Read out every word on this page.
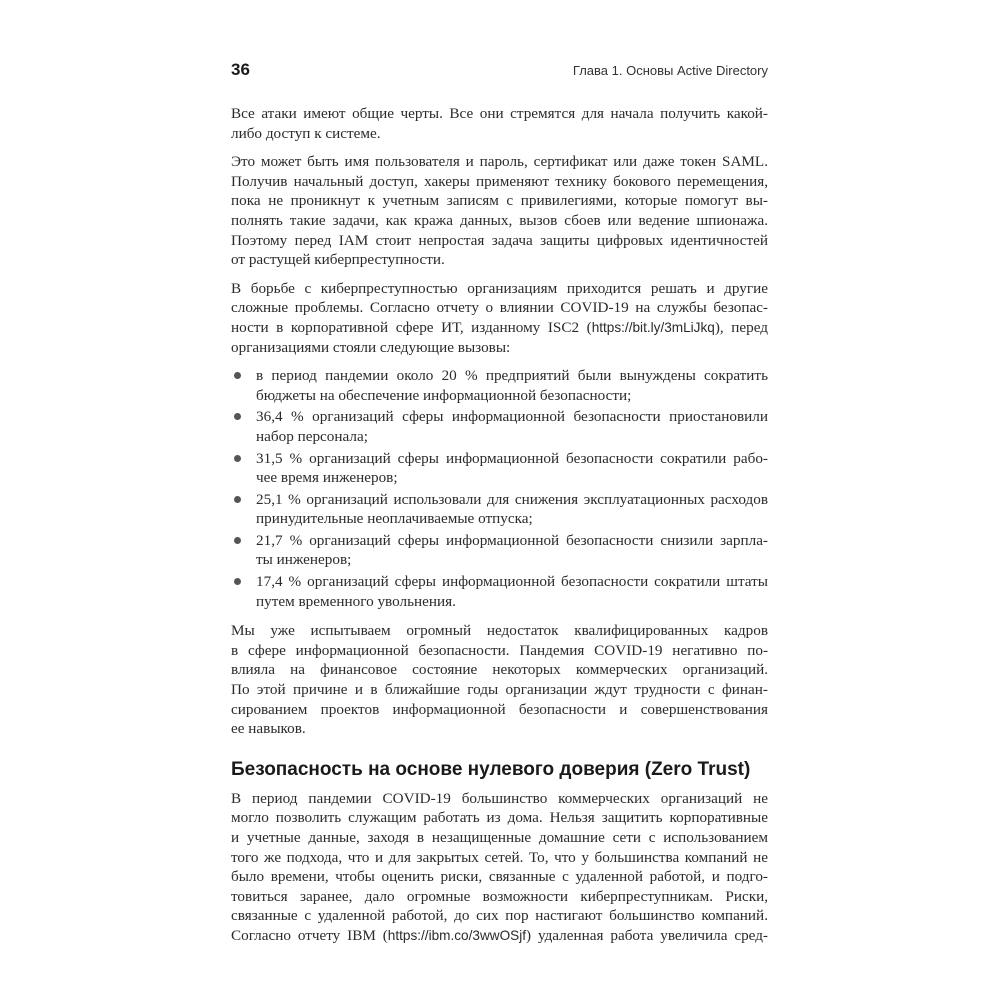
36	Глава 1. Основы Active Directory
Все атаки имеют общие черты. Все они стремятся для начала получить какой-
либо доступ к системе.
Это может быть имя пользователя и пароль, сертификат или даже токен SAML.
Получив начальный доступ, хакеры применяют технику бокового перемещения,
пока не проникнут к учетным записям с привилегиями, которые помогут вы-
полнять такие задачи, как кража данных, вызов сбоев или ведение шпионажа.
Поэтому перед IAM стоит непростая задача защиты цифровых идентичностей
от растущей киберпреступности.
В борьбе с киберпреступностью организациям приходится решать и другие
сложные проблемы. Согласно отчету о влиянии COVID-19 на службы безопас-
ности в корпоративной сфере ИТ, изданному ISC2 (https://bit.ly/3mLiJkq), перед
организациями стояли следующие вызовы:
в период пандемии около 20 % предприятий были вынуждены сократить
бюджеты на обеспечение информационной безопасности;
36,4 % организаций сферы информационной безопасности приостановили
набор персонала;
31,5 % организаций сферы информационной безопасности сократили рабо-
чее время инженеров;
25,1 % организаций использовали для снижения эксплуатационных расходов
принудительные неоплачиваемые отпуска;
21,7 % организаций сферы информационной безопасности снизили зарпла-
ты инженеров;
17,4 % организаций сферы информационной безопасности сократили штаты
путем временного увольнения.
Мы уже испытываем огромный недостаток квалифицированных кадров
в сфере информационной безопасности. Пандемия COVID-19 негативно по-
влияла на финансовое состояние некоторых коммерческих организаций.
По этой причине и в ближайшие годы организации ждут трудности с финан-
сированием проектов информационной безопасности и совершенствования
ее навыков.
Безопасность на основе нулевого доверия (Zero Trust)
В период пандемии COVID-19 большинство коммерческих организаций не
могло позволить служащим работать из дома. Нельзя защитить корпоративные
и учетные данные, заходя в незащищенные домашние сети с использованием
того же подхода, что и для закрытых сетей. То, что у большинства компаний не
было времени, чтобы оценить риски, связанные с удаленной работой, и подго-
товиться заранее, дало огромные возможности киберпреступникам. Риски,
связанные с удаленной работой, до сих пор настигают большинство компаний.
Согласно отчету IBM (https://ibm.co/3wwOSjf) удаленная работа увеличила сред-
